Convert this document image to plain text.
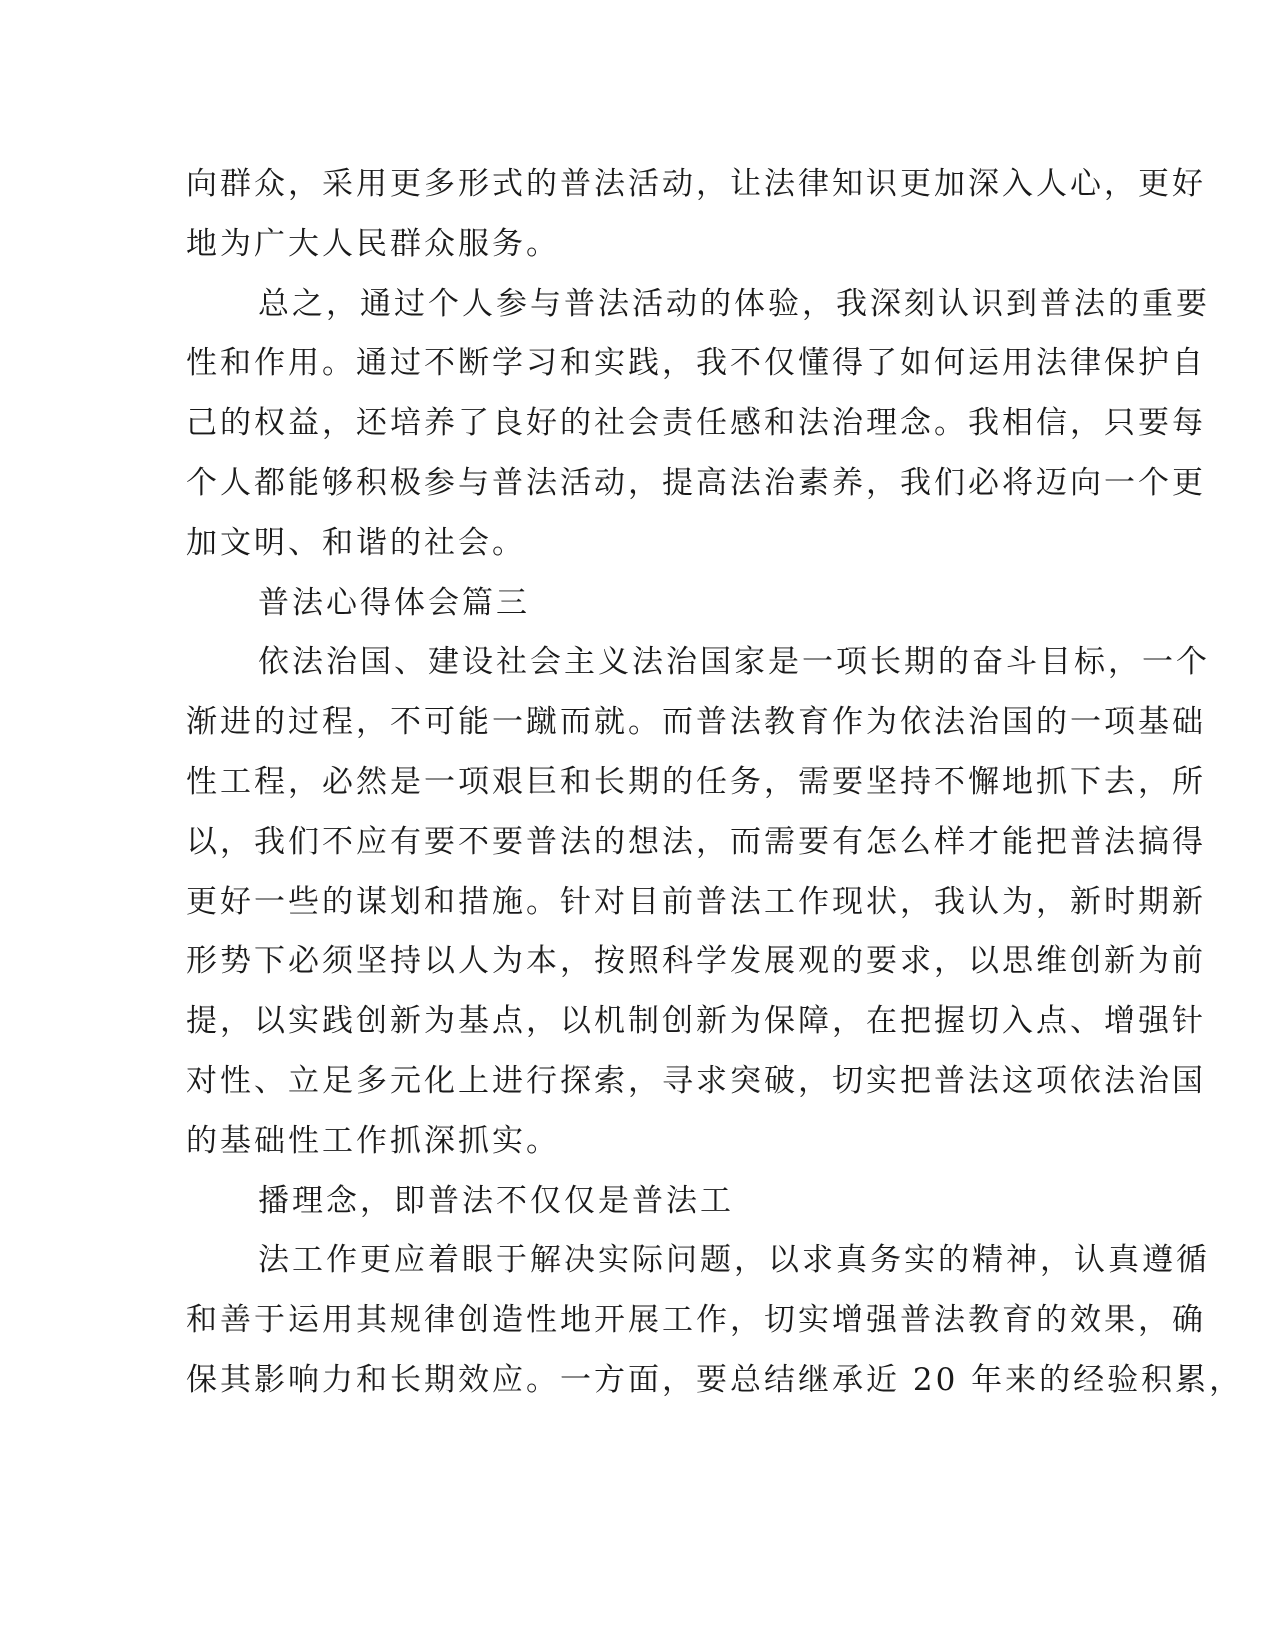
向群众，采用更多形式的普法活动，让法律知识更加深入人心，更好
地为广大人民群众服务。
总之，通过个人参与普法活动的体验，我深刻认识到普法的重要
性和作用。通过不断学习和实践，我不仅懂得了如何运用法律保护自
己的权益，还培养了良好的社会责任感和法治理念。我相信，只要每
个人都能够积极参与普法活动，提高法治素养，我们必将迈向一个更
加文明、和谐的社会。
普法心得体会篇三
依法治国、建设社会主义法治国家是一项长期的奋斗目标，一个
渐进的过程，不可能一蹴而就。而普法教育作为依法治国的一项基础
性工程，必然是一项艰巨和长期的任务，需要坚持不懈地抓下去，所
以，我们不应有要不要普法的想法，而需要有怎么样才能把普法搞得
更好一些的谋划和措施。针对目前普法工作现状，我认为，新时期新
形势下必须坚持以人为本，按照科学发展观的要求，以思维创新为前
提，以实践创新为基点，以机制创新为保障，在把握切入点、增强针
对性、立足多元化上进行探索，寻求突破，切实把普法这项依法治国
的基础性工作抓深抓实。
播理念，即普法不仅仅是普法工
法工作更应着眼于解决实际问题，以求真务实的精神，认真遵循
和善于运用其规律创造性地开展工作，切实增强普法教育的效果，确
保其影响力和长期效应。一方面，要总结继承近 20 年来的经验积累，
